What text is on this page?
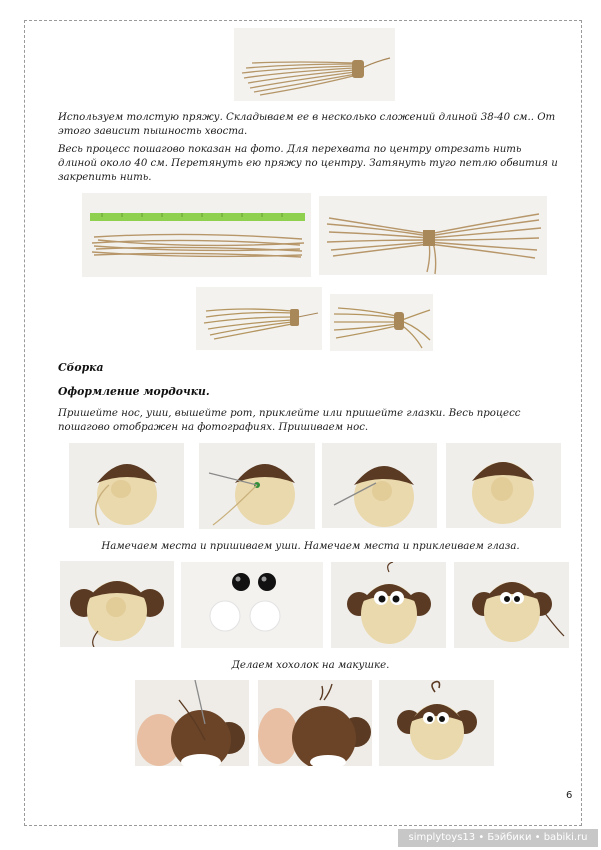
Используем толстую пряжу. Складываем ее в несколько сложений длиной 38-40 см.. От этого зависит пышность хвоста.

Весь процесс пошагово показан на фото. Для перехвата по центру отрезать нить длиной около 40 см. Перетянуть ею пряжу по центру. Затянуть туго петлю обвития и закрепить нить.

Сборка

Оформление мордочки.

Пришейте нос, уши, вышейте рот, приклейте или пришейте глазки. Весь процесс пошагово отображен на фотографиях. Пришиваем нос.

Намечаем места и пришиваем уши. Намечаем места и приклеиваем глаза.

Делаем хохолок на макушке.

6
simplytoys13 • Бэйбики • babiki.ru
